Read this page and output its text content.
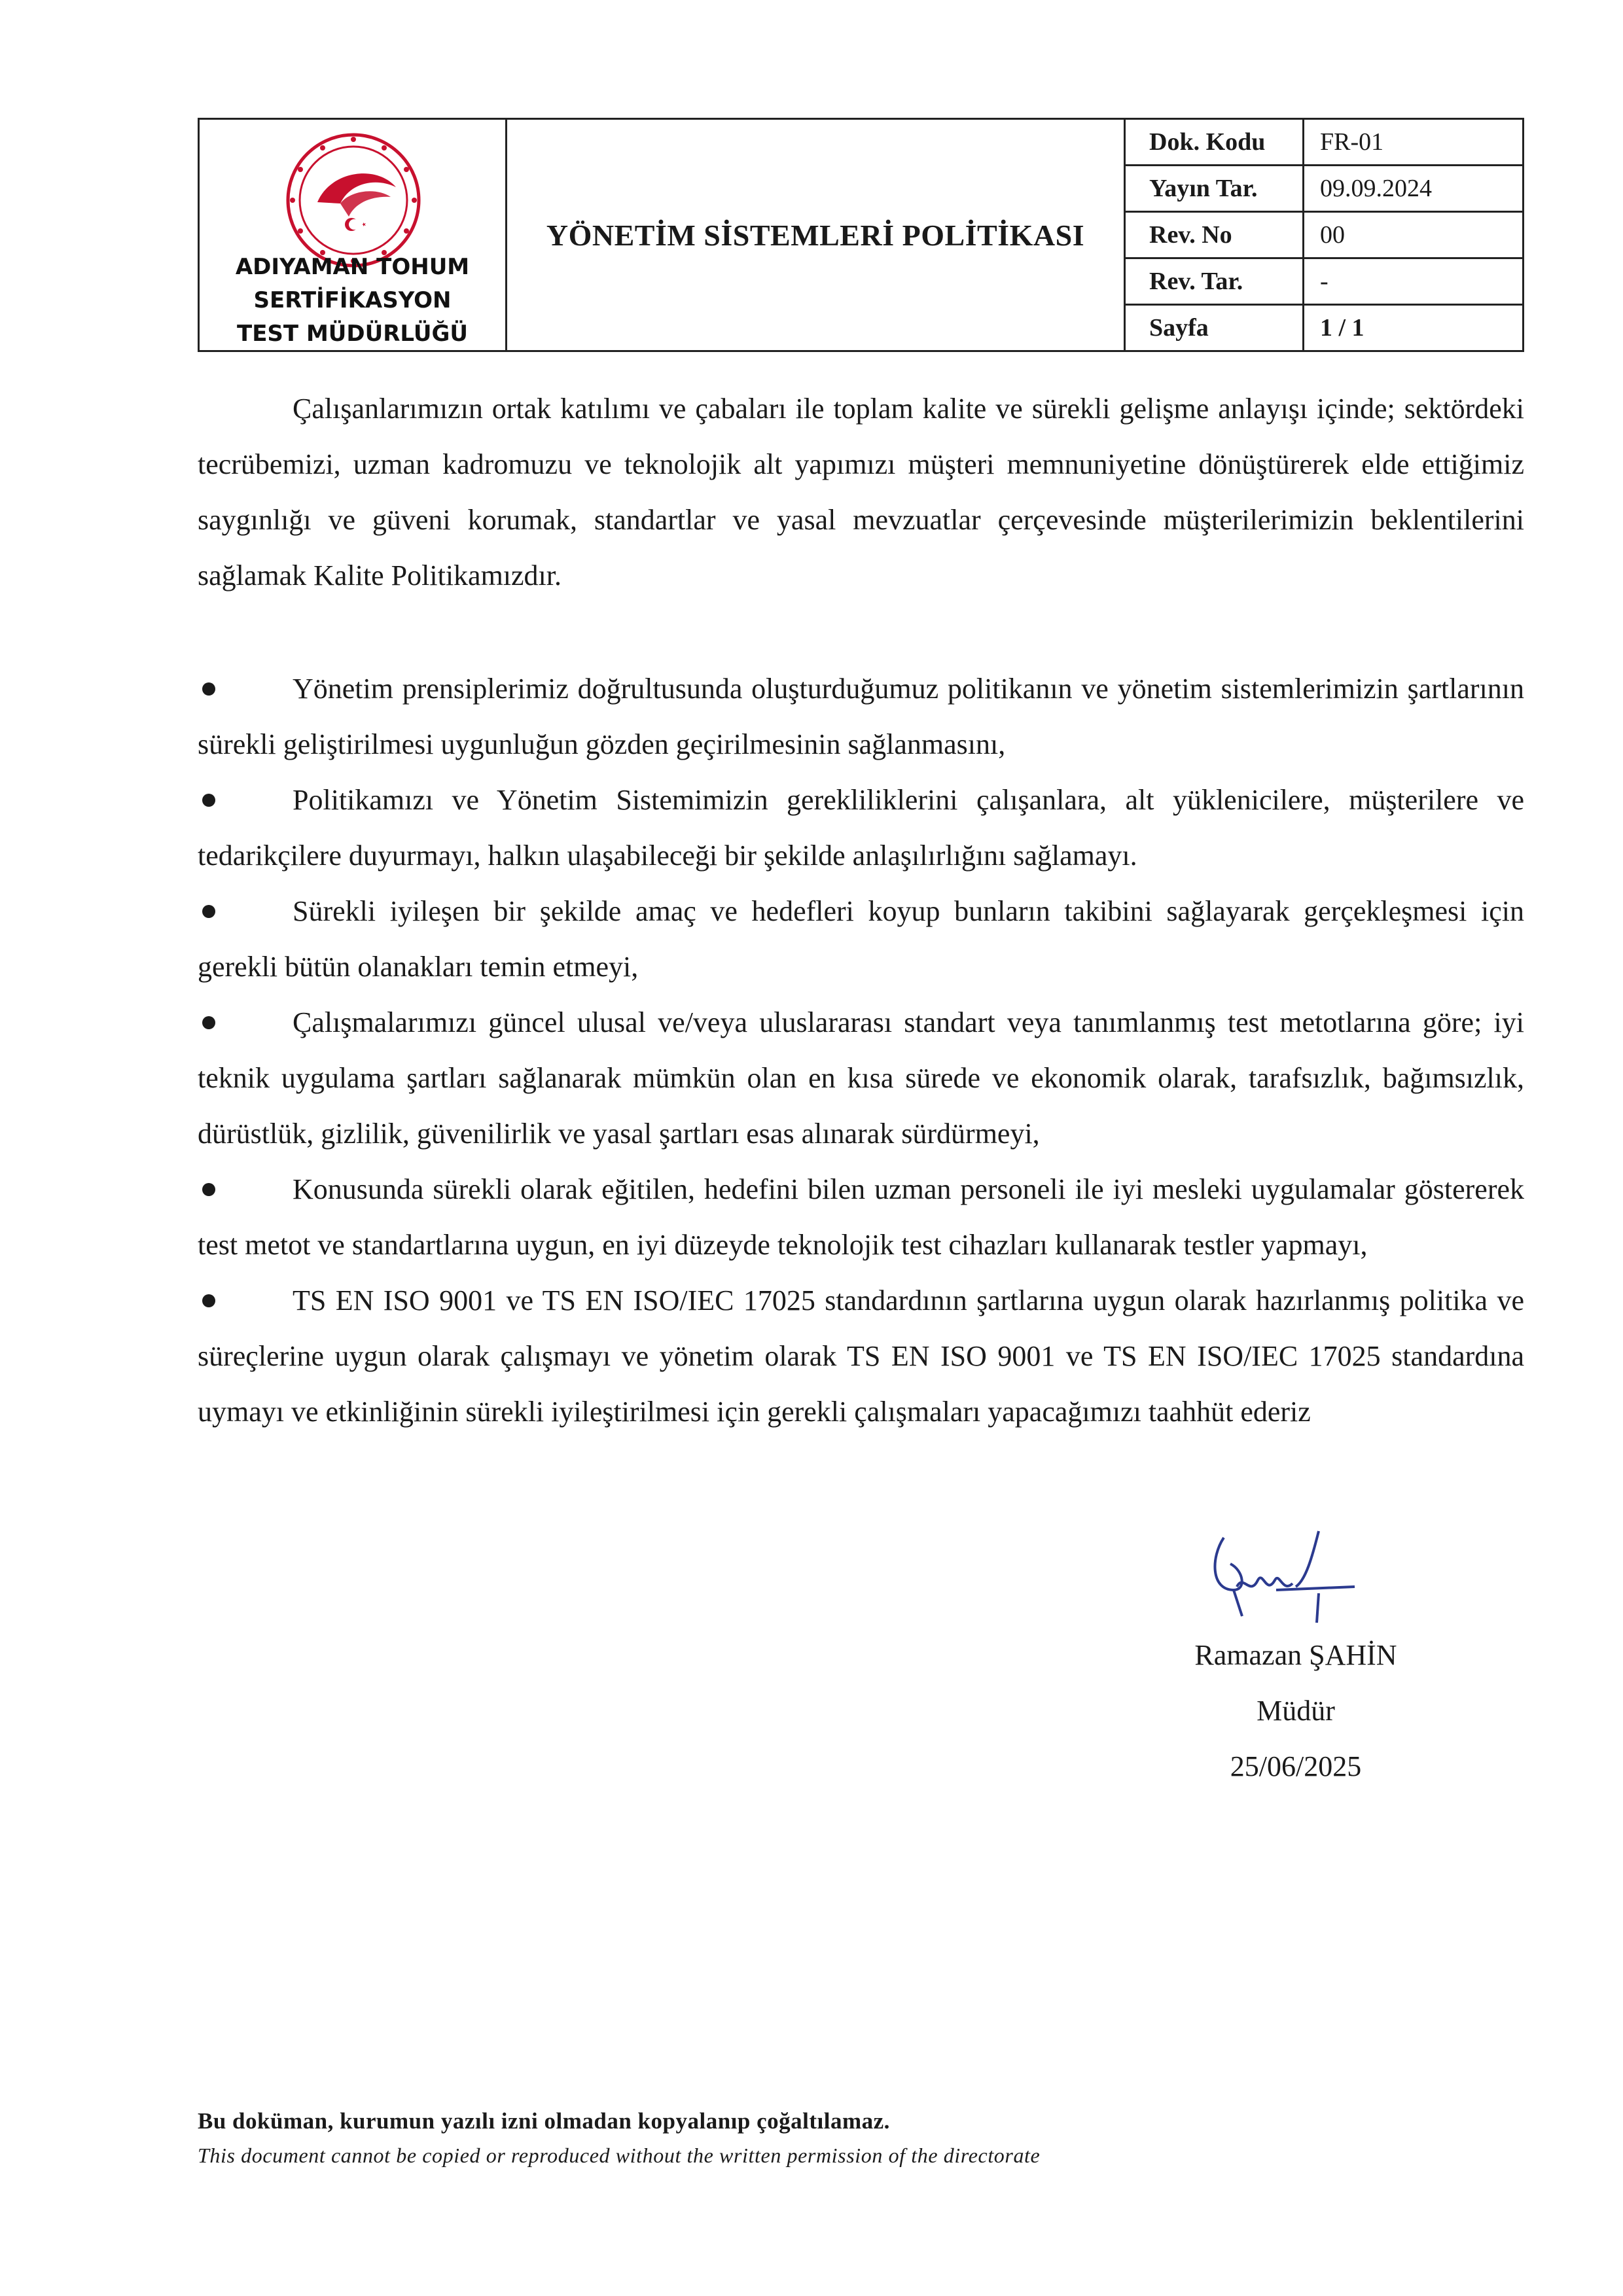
ADIYAMAN TOHUM SERTİFİKASYON TEST MÜDÜRLÜĞÜ
YÖNETİM SİSTEMLERİ POLİTİKASI
Dok. Kodu	FR-01
Yayın Tar.	09.09.2024
Rev. No	00
Rev. Tar.	-
Sayfa	1 / 1

Çalışanlarımızın ortak katılımı ve çabaları ile toplam kalite ve sürekli gelişme anlayışı içinde; sektördeki tecrübemizi, uzman kadromuzu ve teknolojik alt yapımızı müşteri memnuniyetine dönüştürerek elde ettiğimiz saygınlığı ve güveni korumak, standartlar ve yasal mevzuatlar çerçevesinde müşterilerimizin beklentilerini sağlamak Kalite Politikamızdır.

Yönetim prensiplerimiz doğrultusunda oluşturduğumuz politikanın ve yönetim sistemlerimizin şartlarının sürekli geliştirilmesi uygunluğun gözden geçirilmesinin sağlanmasını,
Politikamızı ve Yönetim Sistemimizin gerekliliklerini çalışanlara, alt yüklenicilere, müşterilere ve tedarikçilere duyurmayı, halkın ulaşabileceği bir şekilde anlaşılırlığını sağlamayı.
Sürekli iyileşen bir şekilde amaç ve hedefleri koyup bunların takibini sağlayarak gerçekleşmesi için gerekli bütün olanakları temin etmeyi,
Çalışmalarımızı güncel ulusal ve/veya uluslararası standart veya tanımlanmış test metotlarına göre; iyi teknik uygulama şartları sağlanarak mümkün olan en kısa sürede ve ekonomik olarak, tarafsızlık, bağımsızlık, dürüstlük, gizlilik, güvenilirlik ve yasal şartları esas alınarak sürdürmeyi,
Konusunda sürekli olarak eğitilen, hedefini bilen uzman personeli ile iyi mesleki uygulamalar göstererek test metot ve standartlarına uygun, en iyi düzeyde teknolojik test cihazları kullanarak testler yapmayı,
TS EN ISO 9001 ve TS EN ISO/IEC 17025 standardının şartlarına uygun olarak hazırlanmış politika ve süreçlerine uygun olarak çalışmayı ve yönetim olarak TS EN ISO 9001 ve TS EN ISO/IEC 17025 standardına uymayı ve etkinliğinin sürekli iyileştirilmesi için gerekli çalışmaları yapacağımızı taahhüt ederiz
Ramazan ŞAHİN
Müdür
25/06/2025
Bu doküman, kurumun yazılı izni olmadan kopyalanıp çoğaltılamaz.
This document cannot be copied or reproduced without the written permission of the directorate
